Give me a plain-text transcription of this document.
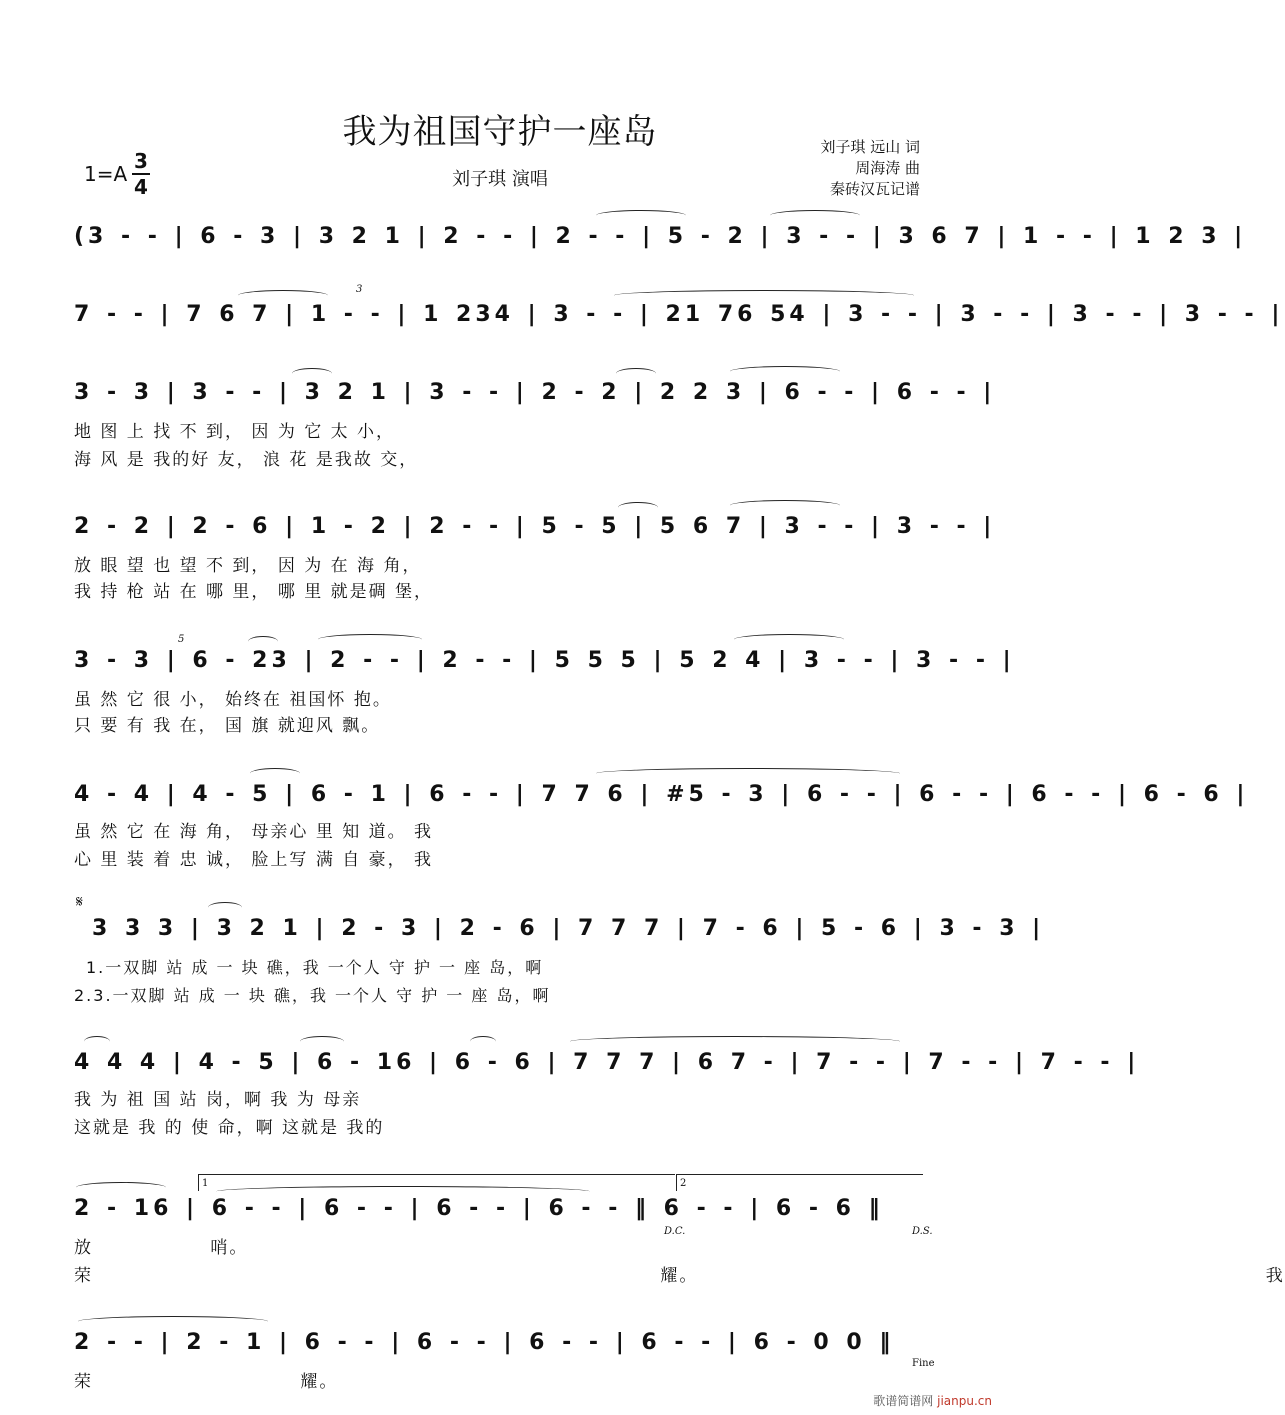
我为祖国守护一座岛
1=A
3
4	刘子琪 演唱
刘子琪 远山 词
周海涛 曲
秦砖汉瓦记谱
(3 - - | 6 - 3 | 3 2 1 | 2 - - | 2 - - | 5 - 2 | 3 - - | 3 6 7 | 1 - - | 1 2 3 |
3
7 - - | 7 6 7 | 1 - - | 1 234 | 3 - - | 21 76 54 | 3 - - | 3 - - | 3 - - | 3 - - |
3 - 3 | 3 - - | 3 2 1 | 3 - - | 2 - 2 | 2 2 3 | 6 - - | 6 - - |
地 图 上 找 不 到， 因 为 它 太 小，
海 风 是 我的好 友， 浪 花 是我故 交，
2 - 2 | 2 - 6 | 1 - 2 | 2 - - | 5 - 5 | 5 6 7 | 3 - - | 3 - - |
放 眼 望 也 望 不 到， 因 为 在 海 角，
我 持 枪 站 在 哪 里， 哪 里 就是碉 堡，
5
3 - 3 | 6 - 23 | 2 - - | 2 - - | 5 5 5 | 5 2 4 | 3 - - | 3 - - |
虽 然 它 很 小， 始终在 祖国怀 抱。
只 要 有 我 在， 国 旗 就迎风 飘。
4 - 4 | 4 - 5 | 6 - 1 | 6 - - | 7 7 6 | #5 - 3 | 6 - - | 6 - - | 6 - - | 6 - 6 |
虽 然 它 在 海 角， 母亲心 里 知 道。 我
心 里 装 着 忠 诚， 脸上写 满 自 豪， 我
𝄋
3 3 3 | 3 2 1 | 2 - 3 | 2 - 6 | 7 7 7 | 7 - 6 | 5 - 6 | 3 - 3 |
1.一双脚 站 成 一 块 礁，我 一个人 守 护 一 座 岛，啊
2.3.一双脚 站 成 一 块 礁，我 一个人 守 护 一 座 岛，啊
4 4 4 | 4 - 5 | 6 - 16 | 6 - 6 | 7 7 7 | 6 7 - | 7 - - | 7 - - | 7 - - |
我 为 祖 国 站 岗，啊 我 为 母亲
这就是 我 的 使 命，啊 这就是 我的
1	2
2 - 16 | 6 - - | 6 - - | 6 - - | 6 - - ‖ 6 - - | 6 - 6 ‖
D.C.	D.S.
放 哨。
荣 耀。 我
2 - - | 2 - 1 | 6 - - | 6 - - | 6 - - | 6 - - | 6 - 0 0 ‖
Fine
荣 耀。
歌谱简谱网 jianpu.cn
